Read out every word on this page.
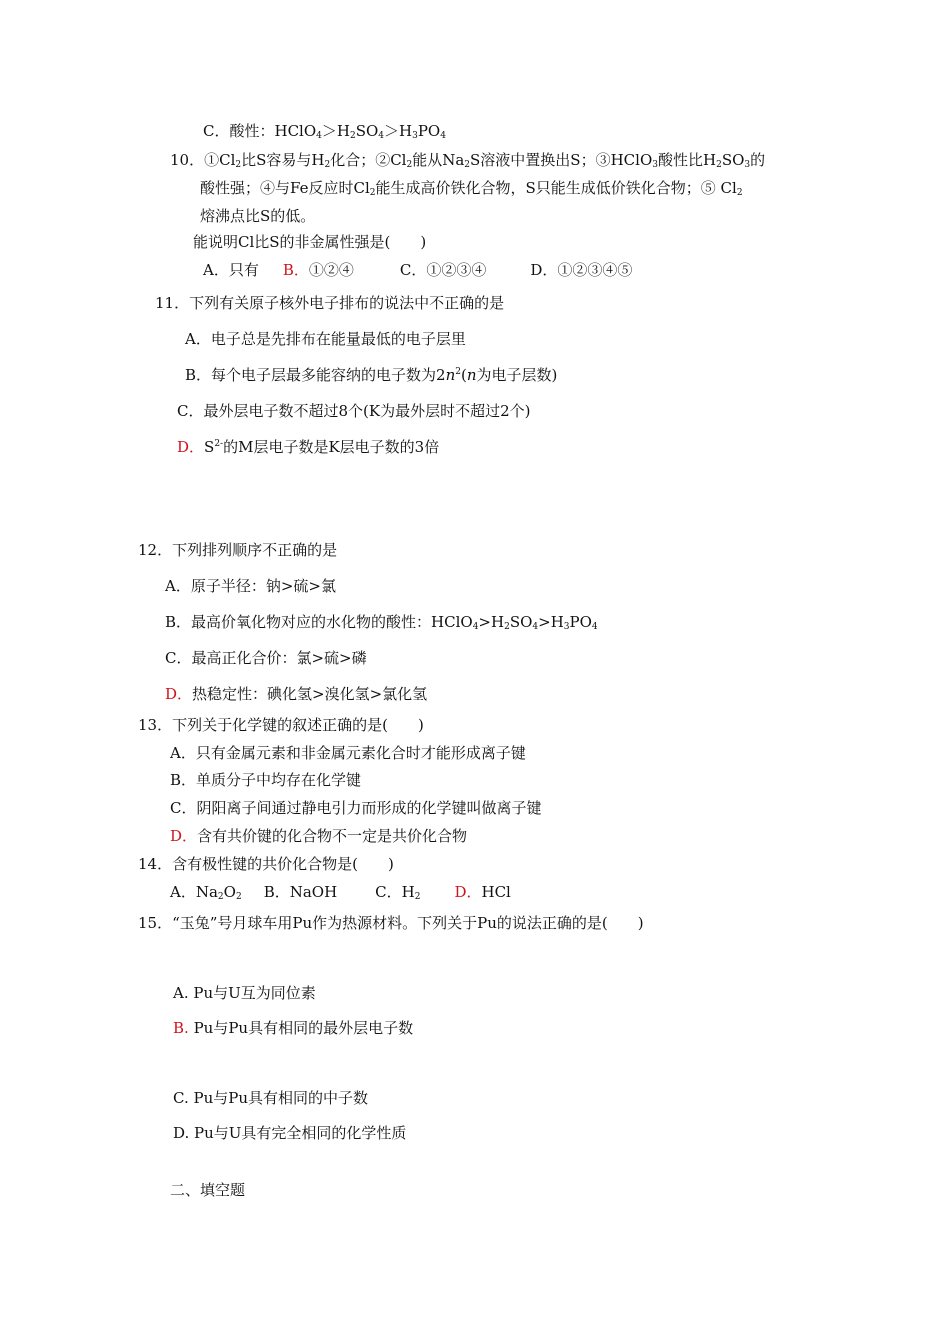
C．酸性：$HClO_4>H_2SO_4>H_3PO_4$
10．$①Cl_2$比S容易与$H_2$化合；$②Cl_2$能从$Na_2S$溶液中置换出S；③HClO$_3$酸性比$H_2SO_3$的
酸性强；④与Fe反应时$Cl_2$能生成高价铁化合物，S只能生成低价铁化合物；⑤ $Cl_2$
熔沸点比S的低。
能说明Cl比S的非金属性强是(　　)
A．只有 B．①②④	C．①②③④	D．①②③④⑤
11．下列有关原子核外电子排布的说法中不正确的是
A．电子总是先排布在能量最低的电子层里
B．每个电子层最多能容纳的电子数为$2n^2(n$为电子层数)
C．最外层电子数不超过8个(K为最外层时不超过2个)
D．$S^{2-}$的M层电子数是K层电子数的3倍
12．下列排列顺序不正确的是
A．原子半径：钠>硫>氯
B．最高价氧化物对应的水化物的酸性：$HClO_4>H_2SO_4>H_3PO_4$
C．最高正化合价：氯>硫>磷
D．热稳定性：碘化氢>溴化氢>氯化氢
13．下列关于化学键的叙述正确的是(　　)
A．只有金属元素和非金属元素化合时才能形成离子键
B．单质分子中均存在化学键
C．阴阳离子间通过静电引力而形成的化学键叫做离子键
D．含有共价键的化合物不一定是共价化合物
14．含有极性键的共价化合物是(　　)
A．$Na_2O_2$ B．NaOH	C．$H_2$ D．HCl
15．“玉兔”号月球车用Pu作为热源材料。下列关于Pu的说法正确的是(　　)
A. Pu与U互为同位素
B. Pu与Pu具有相同的最外层电子数
C. Pu与Pu具有相同的中子数
D. Pu与U具有完全相同的化学性质
二、填空题
